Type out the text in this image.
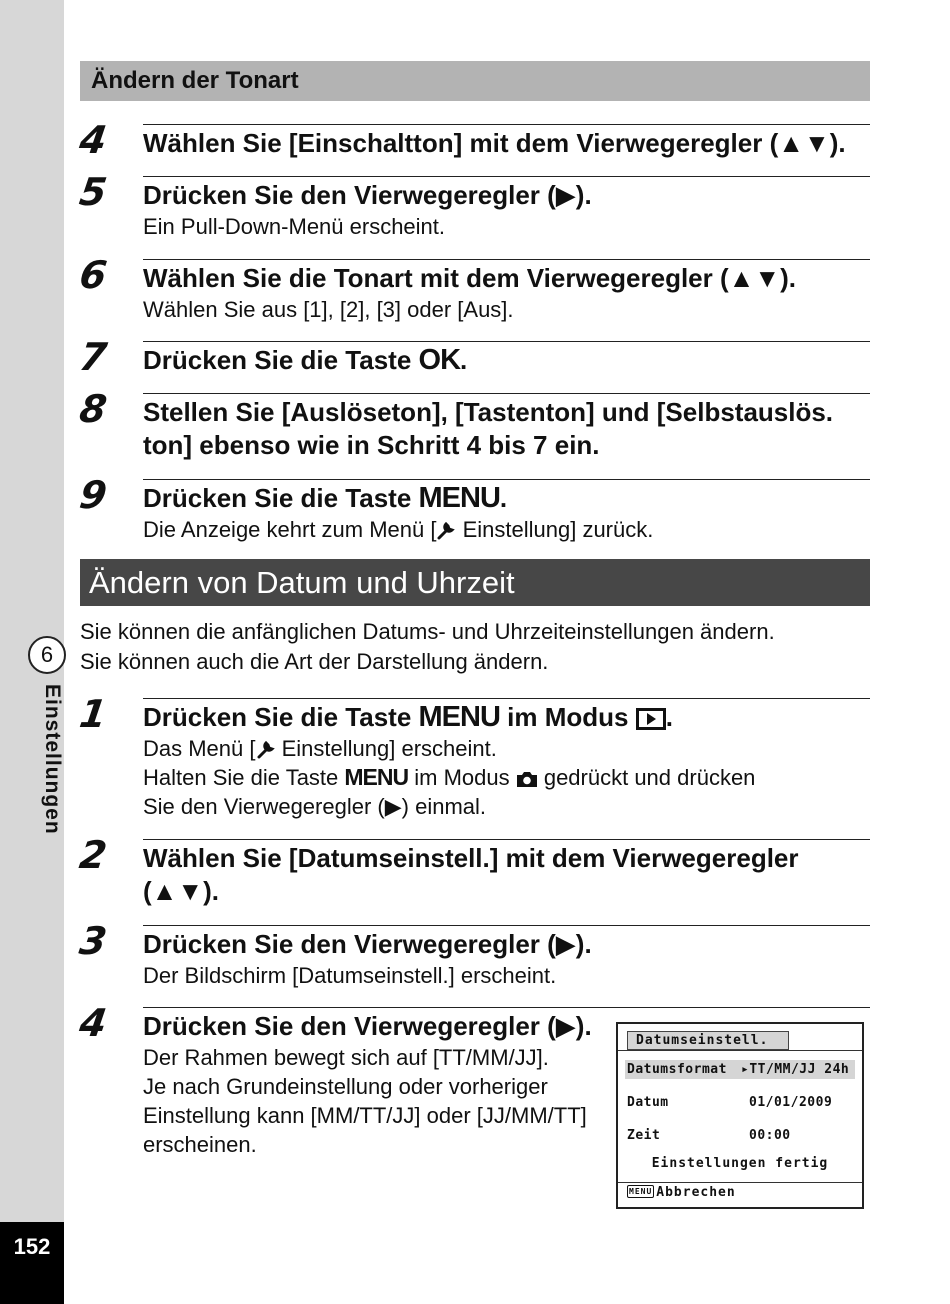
6
Einstellungen
152
Ändern der Tonart
4 Wählen Sie [Einschaltton] mit dem Vierwegeregler (▲▼).
5 Drücken Sie den Vierwegeregler (▶).
Ein Pull-Down-Menü erscheint.
6 Wählen Sie die Tonart mit dem Vierwegeregler (▲▼).
Wählen Sie aus [1], [2], [3] oder [Aus].
7 Drücken Sie die Taste OK.
8 Stellen Sie [Auslöseton], [Tastenton] und [Selbstauslös.
ton] ebenso wie in Schritt 4 bis 7 ein.
9 Drücken Sie die Taste MENU.
Die Anzeige kehrt zum Menü [
Einstellung] zurück.
Ändern von Datum und Uhrzeit
Sie können die anfänglichen Datums- und Uhrzeiteinstellungen ändern.
Sie können auch die Art der Darstellung ändern.
1 Drücken Sie die Taste MENU im Modus
.
Das Menü [
Einstellung] erscheint.
Halten Sie die Taste MENU im Modus
gedrückt und drücken
Sie den Vierwegeregler (▶) einmal.
2 Wählen Sie [Datumseinstell.] mit dem Vierwegeregler
(▲▼).
3 Drücken Sie den Vierwegeregler (▶).
Der Bildschirm [Datumseinstell.] erscheint.
4 Drücken Sie den Vierwegeregler (▶).
Der Rahmen bewegt sich auf [TT/MM/JJ].
Je nach Grundeinstellung oder vorheriger
Einstellung kann [MM/TT/JJ] oder [JJ/MM/TT]
erscheinen.
Datumseinstell.
Datumsformat ▸TT/MM/JJ 24h
Datum	01/01/2009
Zeit	00:00
Einstellungen fertig
MENU Abbrechen
